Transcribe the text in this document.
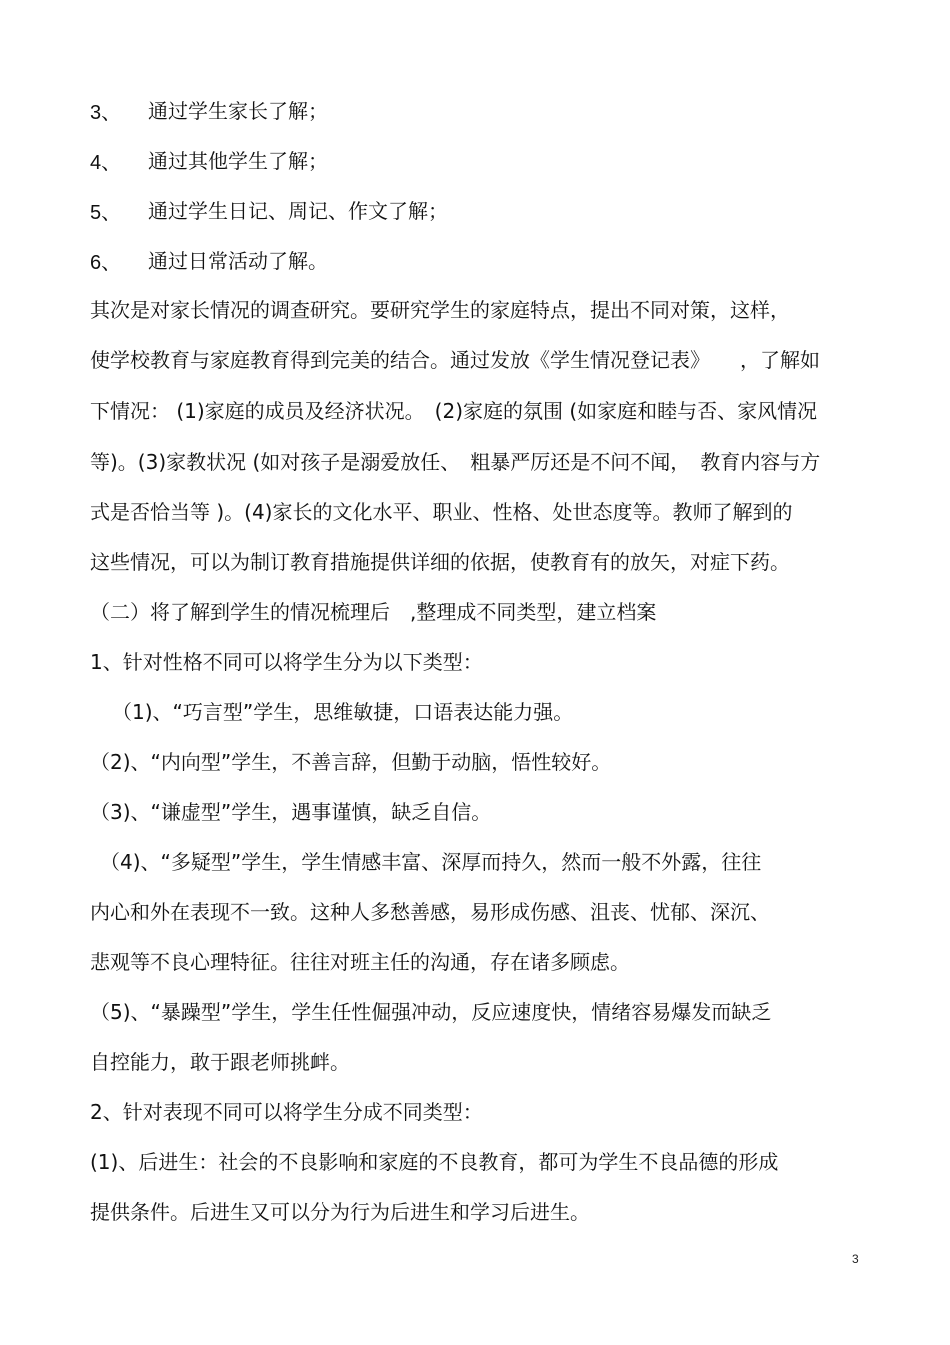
3、 通过学生家长了解；
4、 通过其他学生了解；
5、 通过学生日记、周记、作文了解；
6、 通过日常活动了解。
其次是对家长情况的调查研究。要研究学生的家庭特点，提出不同对策，这样，
使学校教育与家庭教育得到完美的结合。通过发放《学生情况登记表》　　，了解如
下情况： (1)家庭的成员及经济状况。　(2)家庭的氛围 (如家庭和睦与否、家风情况
等)。(3)家教状况 (如对孩子是溺爱放任、　粗暴严厉还是不问不闻，　教育内容与方
式是否恰当等 )。(4)家长的文化水平、职业、性格、处世态度等。教师了解到的
这些情况，可以为制订教育措施提供详细的依据，使教育有的放矢，对症下药。
（二）将了解到学生的情况梳理后　,整理成不同类型，建立档案
1、针对性格不同可以将学生分为以下类型：
（1)、“巧言型”学生，思维敏捷，口语表达能力强。
（2)、“内向型”学生，不善言辞，但勤于动脑，悟性较好。
（3)、“谦虚型”学生，遇事谨慎，缺乏自信。
（4)、“多疑型”学生，学生情感丰富、深厚而持久，然而一般不外露，往往
内心和外在表现不一致。这种人多愁善感，易形成伤感、沮丧、忧郁、深沉、
悲观等不良心理特征。往往对班主任的沟通，存在诸多顾虑。
（5)、“暴躁型”学生，学生任性倔强冲动，反应速度快，情绪容易爆发而缺乏
自控能力，敢于跟老师挑衅。
2、针对表现不同可以将学生分成不同类型：
(1)、后进生：社会的不良影响和家庭的不良教育，都可为学生不良品德的形成
提供条件。后进生又可以分为行为后进生和学习后进生。
3
